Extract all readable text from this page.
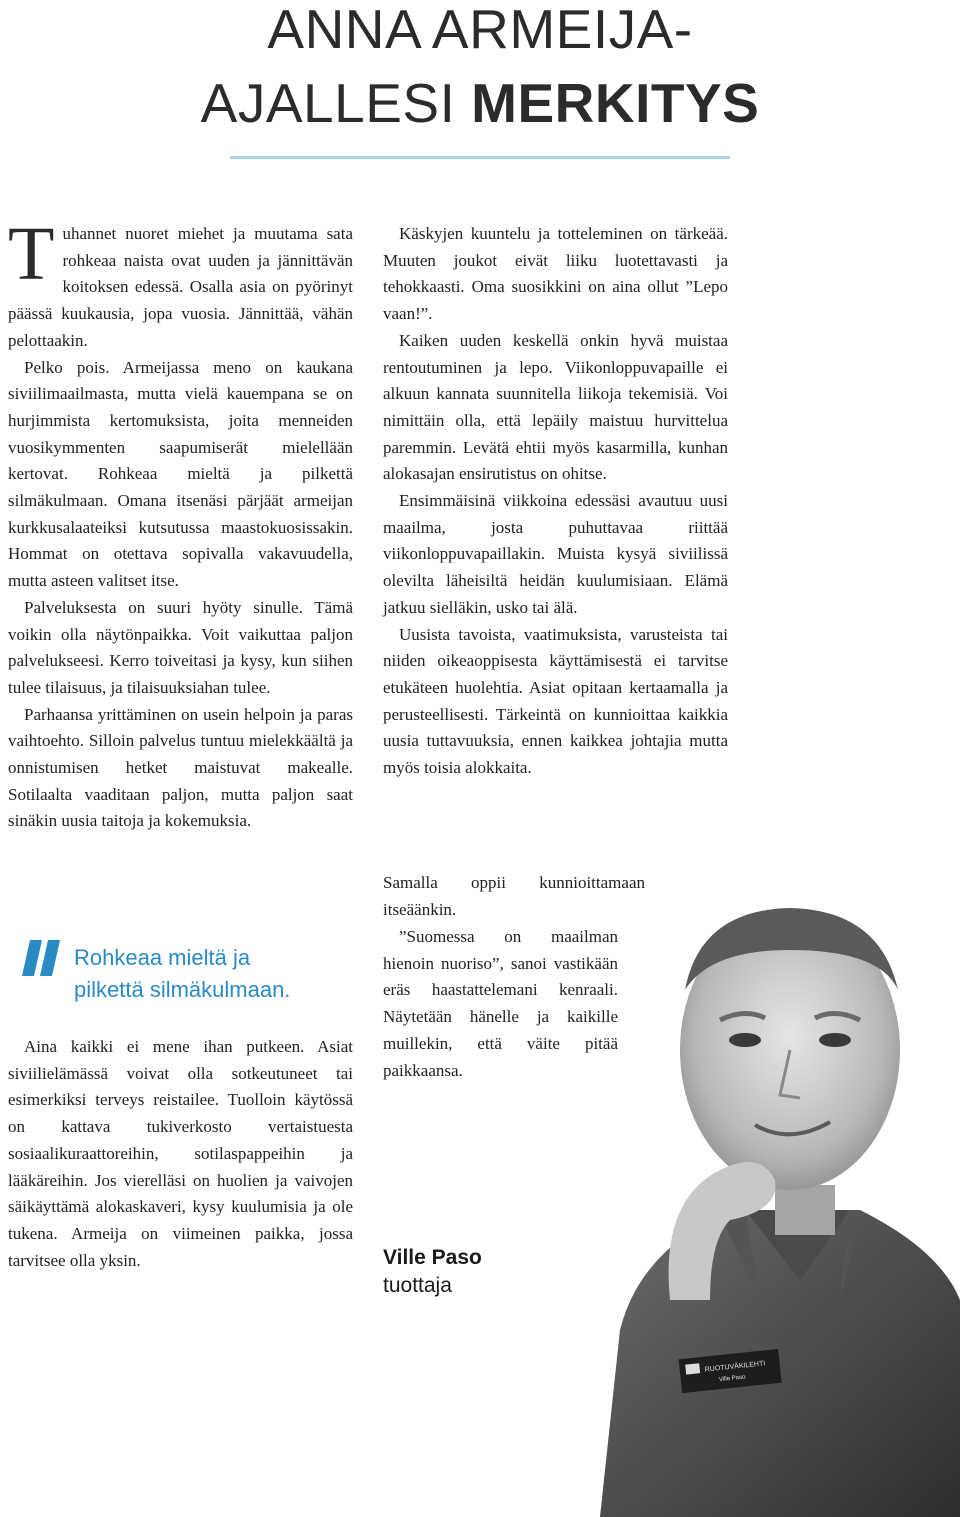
ANNA ARMEIJA-
AJALLESI MERKITYS

Tuhannet nuoret miehet ja muutama sata rohkeaa naista ovat uuden ja jännittävän koitoksen edessä. Osalla asia on pyörinyt päässä kuukausia, jopa vuosia. Jännittää, vähän pelottaakin.

Pelko pois. Armeijassa meno on kaukana siviilimaailmasta, mutta vielä kauempana se on hurjimmista kertomuksista, joita menneiden vuosikymmenten saapumiserät mielellään kertovat. Rohkeaa mieltä ja pilkettä silmäkulmaan. Omana itsenäsi pärjäät armeijan kurkkusalaateiksi kutsutussa maastokuosissakin. Hommat on otettava sopivalla vakavuudella, mutta asteen valitset itse.

Palveluksesta on suuri hyöty sinulle. Tämä voikin olla näytönpaikka. Voit vaikuttaa paljon palvelukseesi. Kerro toiveitasi ja kysy, kun siihen tulee tilaisuus, ja tilaisuuksiahan tulee.

Parhaansa yrittäminen on usein helpoin ja paras vaihtoehto. Silloin palvelus tuntuu mielekkäältä ja onnistumisen hetket maistuvat makealle. Sotilaalta vaaditaan paljon, mutta paljon saat sinäkin uusia taitoja ja kokemuksia.

Rohkeaa mieltä ja
pilkettä silmäkulmaan.

Aina kaikki ei mene ihan putkeen. Asiat siviilielämässä voivat olla sotkeutuneet tai esimerkiksi terveys reistailee. Tuolloin käytössä on kattava tukiverkosto vertaistuesta sosiaalikuraattoreihin, sotilaspappeihin ja lääkäreihin. Jos vierelläsi on huolien ja vaivojen säikäyttämä alokaskaveri, kysy kuulumisia ja ole tukena. Armeija on viimeinen paikka, jossa tarvitsee olla yksin.

Käskyjen kuuntelu ja totteleminen on tärkeää. Muuten joukot eivät liiku luotettavasti ja tehokkaasti. Oma suosikkini on aina ollut ”Lepo vaan!”.

Kaiken uuden keskellä onkin hyvä muistaa rentoutuminen ja lepo. Viikonloppuvapaille ei alkuun kannata suunnitella liikoja tekemisiä. Voi nimittäin olla, että lepäily maistuu hurvittelua paremmin. Levätä ehtii myös kasarmilla, kunhan alokasajan ensirutistus on ohitse.

Ensimmäisinä viikkoina edessäsi avautuu uusi maailma, josta puhuttavaa riittää viikonloppuvapaillakin. Muista kysyä siviilissä olevilta läheisiltä heidän kuulumisiaan. Elämä jatkuu sielläkin, usko tai älä.

Uusista tavoista, vaatimuksista, varusteista tai niiden oikeaoppisesta käyttämisestä ei tarvitse etukäteen huolehtia. Asiat opitaan kertaamalla ja perusteellisesti. Tärkeintä on kunnioittaa kaikkia uusia tuttavuuksia, ennen kaikkea johtajia mutta myös toisia alokkaita.

Samalla oppii kunnioittamaan itseäänkin.

”Suomessa on maailman hienoin nuoriso”, sanoi vastikään eräs haastattelemani kenraali. Näytetään hänelle ja kaikille muillekin, että väite pitää paikkaansa.

RUOTUVÄKILEHTI
Ville Paso
Ville Paso
tuottaja
